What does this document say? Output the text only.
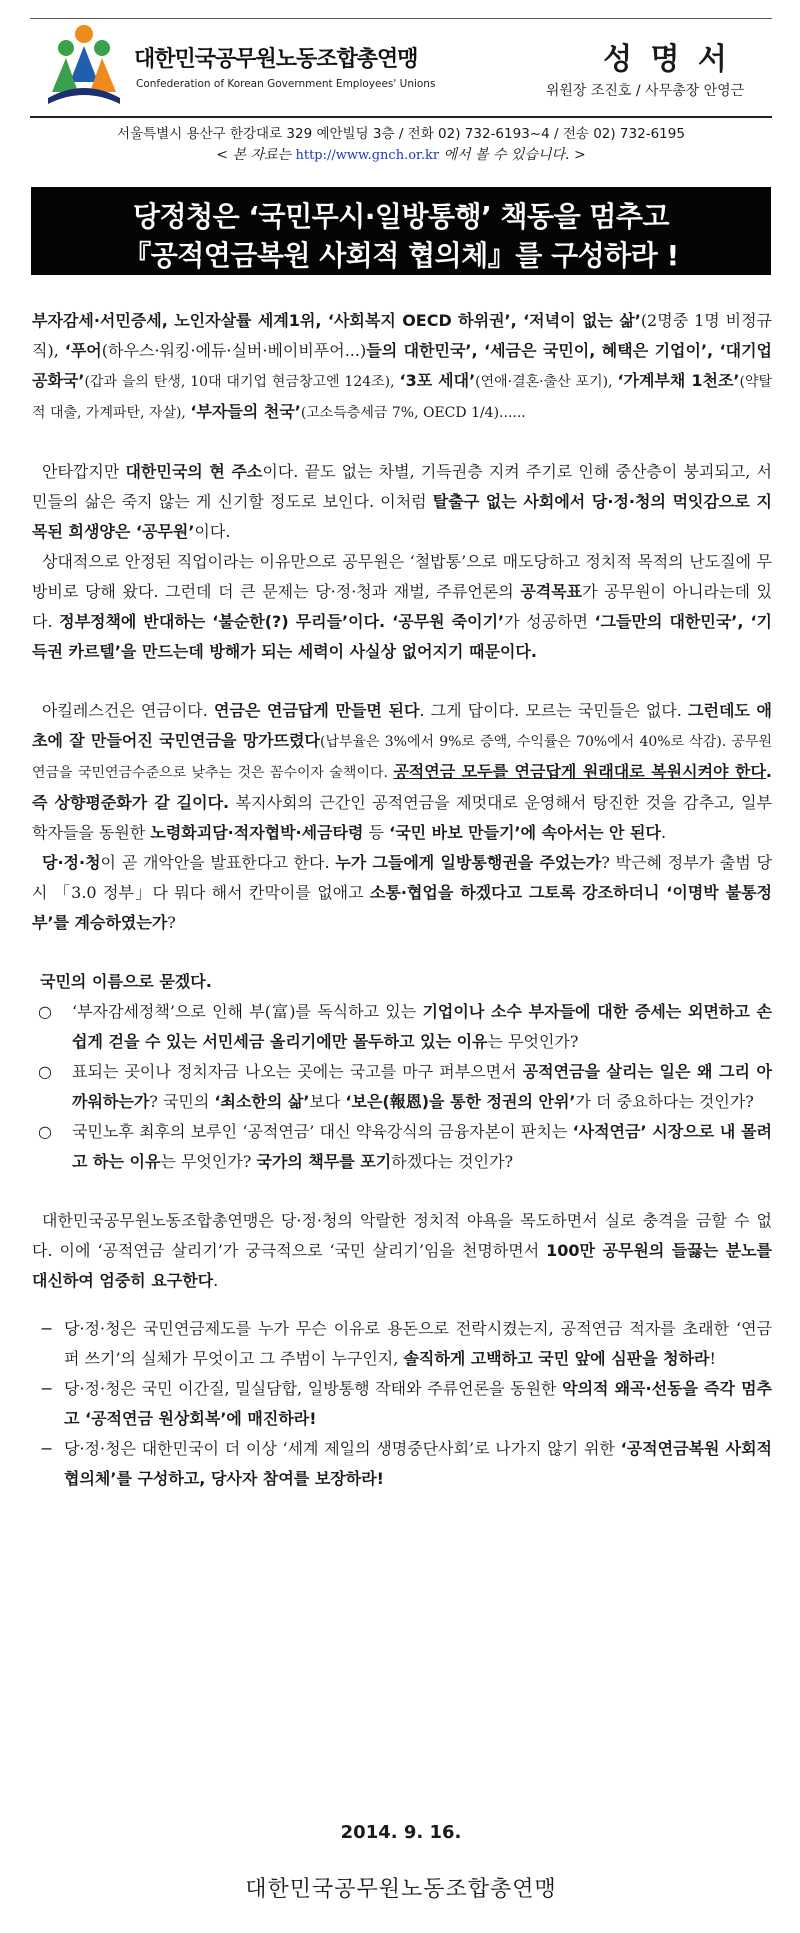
대한민국공무원노동조합총연맹
Confederation of Korean Government Employees' Unions
성 명 서
위원장 조진호 / 사무총장 안영근
서울특별시 용산구 한강대로 329 예안빌딩 3층 / 전화 02) 732-6193~4 / 전송 02) 732-6195
< 본 자료는 http://www.gnch.or.kr 에서 볼 수 있습니다. >
당정청은 ‘국민무시·일방통행’ 책동을 멈추고
『공적연금복원 사회적 협의체』를 구성하라 !

부자감세·서민증세, 노인자살률 세계1위, ‘사회복지 OECD 하위권’, ‘저녁이 없는 삶’(2명중 1명 비정규직), ‘푸어(하우스·워킹·에듀·실버·베이비푸어...)들의 대한민국’, ‘세금은 국민이, 혜택은 기업이’, ‘대기업 공화국’(갑과 을의 탄생, 10대 대기업 현금창고엔 124조), ‘3포 세대’(연애·결혼·출산 포기), ‘가계부채 1천조’(약탈적 대출, 가계파탄, 자살), ‘부자들의 천국’(고소득층세금 7%, OECD 1/4)......

안타깝지만 대한민국의 현 주소이다. 끝도 없는 차별, 기득권층 지켜 주기로 인해 중산층이 붕괴되고, 서민들의 삶은 죽지 않는 게 신기할 정도로 보인다. 이처럼 탈출구 없는 사회에서 당·정·청의 먹잇감으로 지목된 희생양은 ‘공무원’이다.

상대적으로 안정된 직업이라는 이유만으로 공무원은 ‘철밥통’으로 매도당하고 정치적 목적의 난도질에 무방비로 당해 왔다. 그런데 더 큰 문제는 당·정·청과 재벌, 주류언론의 공격목표가 공무원이 아니라는데 있다. 정부정책에 반대하는 ‘불순한(?) 무리들’이다. ‘공무원 죽이기’가 성공하면 ‘그들만의 대한민국’, ‘기득권 카르텔’을 만드는데 방해가 되는 세력이 사실상 없어지기 때문이다.

아킬레스건은 연금이다. 연금은 연금답게 만들면 된다. 그게 답이다. 모르는 국민들은 없다. 그런데도 애초에 잘 만들어진 국민연금을 망가뜨렸다(납부율은 3%에서 9%로 증액, 수익률은 70%에서 40%로 삭감). 공무원연금을 국민연금수준으로 낮추는 것은 꼼수이자 술책이다. 공적연금 모두를 연금답게 원래대로 복원시켜야 한다. 즉 상향평준화가 갈 길이다. 복지사회의 근간인 공적연금을 제멋대로 운영해서 탕진한 것을 감추고, 일부 학자들을 동원한 노령화괴담·적자협박·세금타령 등 ‘국민 바보 만들기’에 속아서는 안 된다.

당·정·청이 곧 개악안을 발표한다고 한다. 누가 그들에게 일방통행권을 주었는가? 박근혜 정부가 출범 당시 「3.0 정부」다 뭐다 해서 칸막이를 없애고 소통·협업을 하겠다고 그토록 강조하더니 ‘이명박 불통정부’를 계승하였는가?

국민의 이름으로 묻겠다.

○ ‘부자감세정책’으로 인해 부(富)를 독식하고 있는 기업이나 소수 부자들에 대한 증세는 외면하고 손쉽게 걷을 수 있는 서민세금 올리기에만 몰두하고 있는 이유는 무엇인가?

○ 표되는 곳이나 정치자금 나오는 곳에는 국고를 마구 퍼부으면서 공적연금을 살리는 일은 왜 그리 아까워하는가? 국민의 ‘최소한의 삶’보다 ‘보은(報恩)을 통한 정권의 안위’가 더 중요하다는 것인가?

○ 국민노후 최후의 보루인 ‘공적연금’ 대신 약육강식의 금융자본이 판치는 ‘사적연금’ 시장으로 내 몰려고 하는 이유는 무엇인가? 국가의 책무를 포기하겠다는 것인가?

대한민국공무원노동조합총연맹은 당·정·청의 악랄한 정치적 야욕을 목도하면서 실로 충격을 금할 수 없다. 이에 ‘공적연금 살리기’가 궁극적으로 ‘국민 살리기’임을 천명하면서 100만 공무원의 들끓는 분노를 대신하여 엄중히 요구한다.

− 당·정·청은 국민연금제도를 누가 무슨 이유로 용돈으로 전락시켰는지, 공적연금 적자를 초래한 ‘연금 퍼 쓰기’의 실체가 무엇이고 그 주범이 누구인지, 솔직하게 고백하고 국민 앞에 심판을 청하라!

− 당·정·청은 국민 이간질, 밀실담합, 일방통행 작태와 주류언론을 동원한 악의적 왜곡·선동을 즉각 멈추고 ‘공적연금 원상회복’에 매진하라!

− 당·정·청은 대한민국이 더 이상 ‘세계 제일의 생명중단사회’로 나가지 않기 위한 ‘공적연금복원 사회적 협의체’를 구성하고, 당사자 참여를 보장하라!

2014. 9. 16.
대한민국공무원노동조합총연맹
